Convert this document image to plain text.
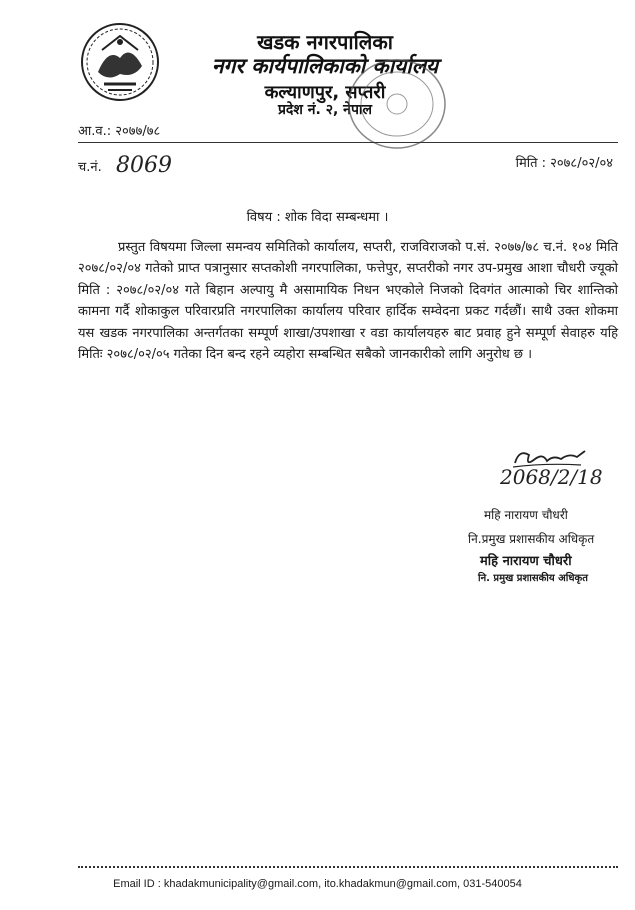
खडक नगरपालिका
नगर कार्यपालिकाको कार्यालय
कल्याणपुर, सप्तरी
प्रदेश नं. २, नेपाल
आ.व.: २०७७/७८
च.नं. 8069	मिति : २०७८/०२/०४
विषय : शोक विदा सम्बन्धमा ।

प्रस्तुत विषयमा जिल्ला समन्वय समितिको कार्यालय, सप्तरी, राजविराजको प.सं. २०७७/७८ च.नं. १०४ मिति २०७८/०२/०४ गतेको प्राप्त पत्रानुसार सप्तकोशी नगरपालिका, फत्तेपुर, सप्तरीको नगर उप-प्रमुख आशा चौधरी ज्यूको मिति : २०७८/०२/०४ गते बिहान अल्पायु मै असामायिक निधन भएकोले निजको दिवगंत आत्माको चिर शान्तिको कामना गर्दै शोकाकुल परिवारप्रति नगरपालिका कार्यालय परिवार हार्दिक सम्वेदना प्रकट गर्दछौं। साथै उक्त शोकमा यस खडक नगरपालिका अन्तर्गतका सम्पूर्ण शाखा/उपशाखा र वडा कार्यालयहरु बाट प्रवाह हुने सम्पूर्ण सेवाहरु यहि मितिः २०७८/०२/०५ गतेका दिन बन्द रहने व्यहोरा सम्बन्धित सबैको जानकारीको लागि अनुरोध छ ।

2068/2/18
महि नारायण चौधरी
नि.प्रमुख प्रशासकीय अधिकृत
महि नारायण चौधरी
नि. प्रमुख प्रशासकीय अधिकृत
Email ID : khadakmunicipality@gmail.com, ito.khadakmun@gmail.com, 031-540054
